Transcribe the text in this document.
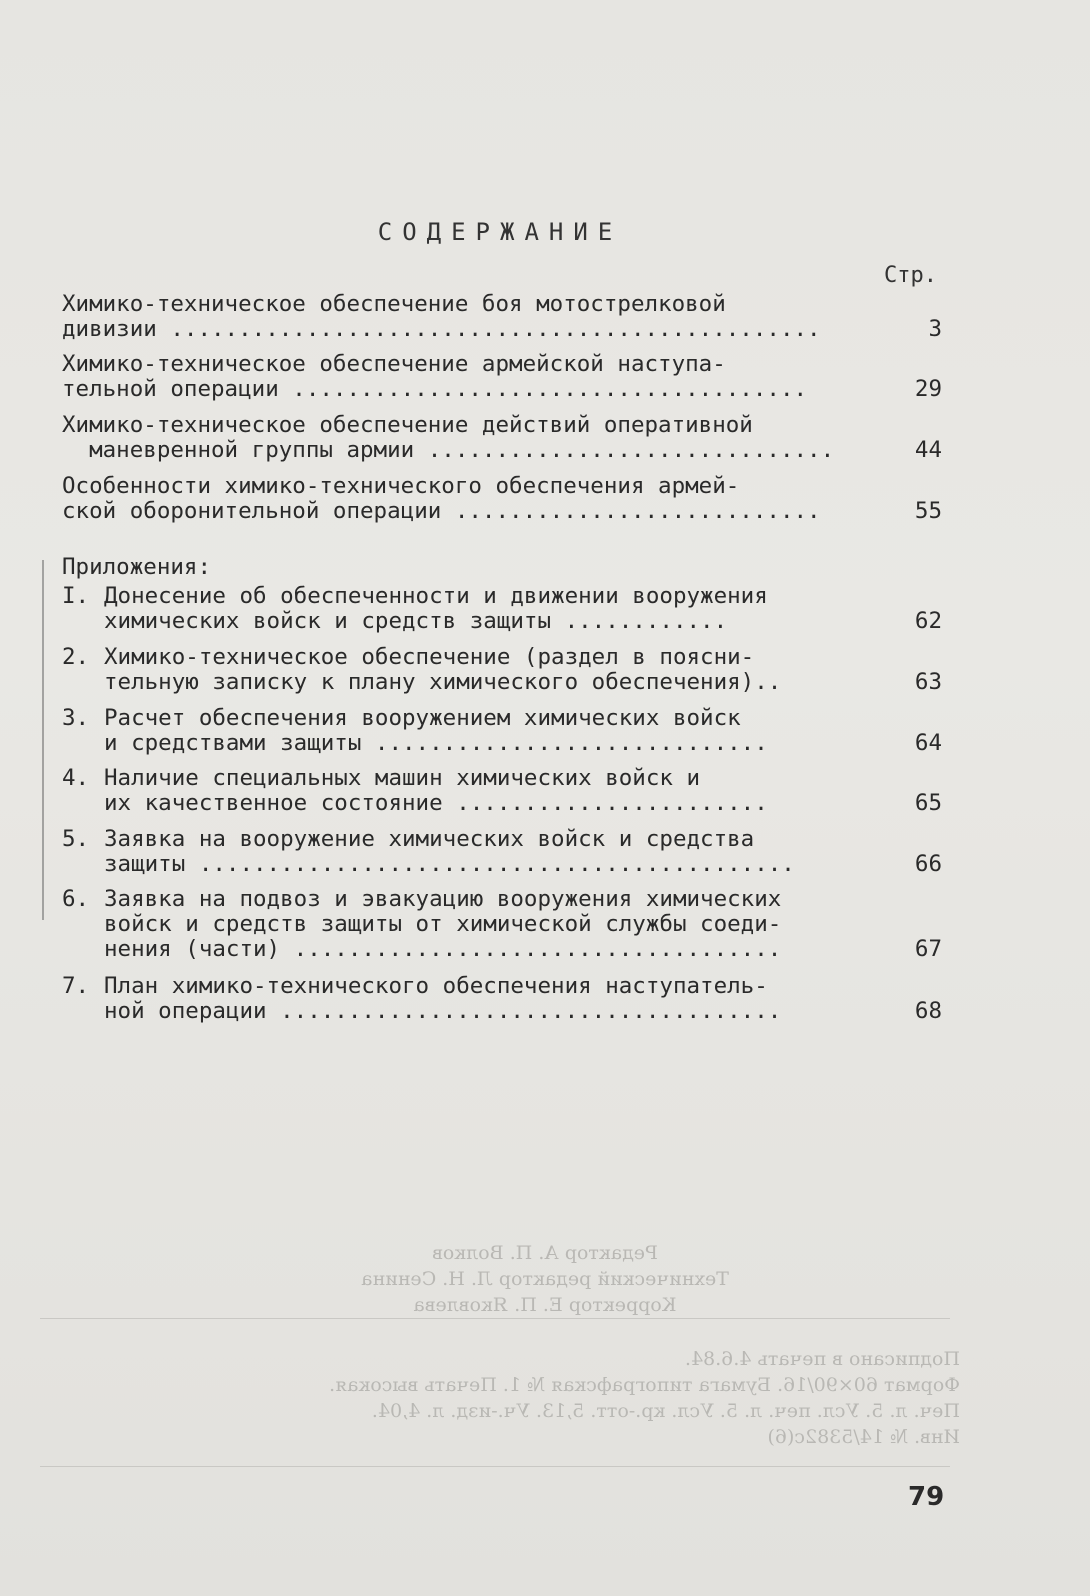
СОДЕРЖАНИЕ
Стр.
Химико-техническое обеспечение боя мотострелковой
дивизии ................................................	3
Химико-техническое обеспечение армейской наступа-
тельной операции ......................................	29
Химико-техническое обеспечение действий оперативной
маневренной группы армии ..............................	44
Особенности химико-технического обеспечения армей-
ской оборонительной операции ...........................	55
Приложения:
I. Донесение об обеспеченности и движении вооружения
химических войск и средств защиты ............	62
2. Химико-техническое обеспечение (раздел в поясни-
тельную записку к плану химического обеспечения)..	63
3. Расчет обеспечения вооружением химических войск
и средствами защиты .............................	64
4. Наличие специальных машин химических войск и
их качественное состояние .......................	65
5. Заявка на вооружение химических войск и средства
защиты ............................................	66
6. Заявка на подвоз и эвакуацию вооружения химических
войск и средств защиты от химической службы соеди-
нения (части) ....................................	67
7. План химико-технического обеспечения наступатель-
ной операции .....................................	68
Редактор А. П. Волков
Технический редактор Л. Н. Сенина
Корректор Е. П. Яковлева
Подписано в печать 4.6.84.
Формат 60×90/16. Бумага типографская № 1. Печать высокая.
Печ. л. 5. Усл. печ. л. 5. Усл. кр.-отт. 5,13. Уч.-изд. л. 4,04.
Инв. № 14/5382с(6)
79
